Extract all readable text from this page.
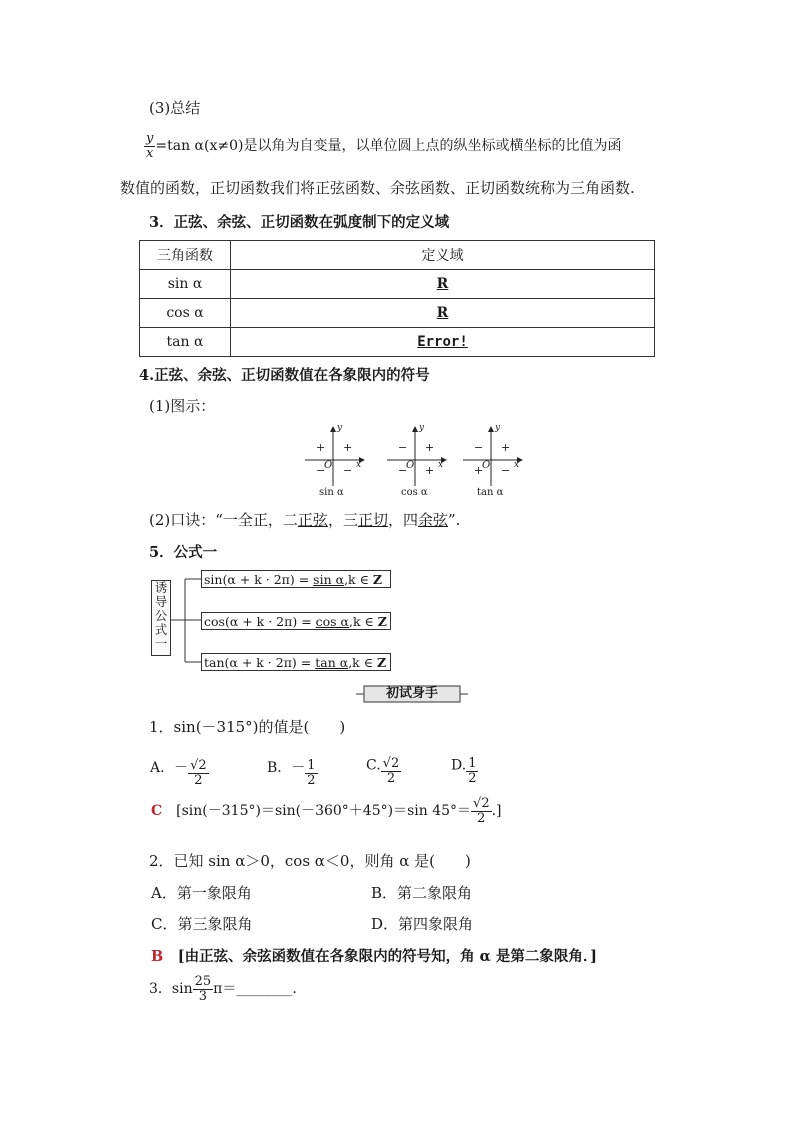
(3)总结
$\frac{y}{x} =\tan$ α(x≠0)是以角为自变量，以单位圆上点的纵坐标或横坐标的比值为函
数值的函数，正切函数我们将正弦函数、余弦函数、正切函数统称为三角函数.
3．正弦、余弦、正切函数在弧度制下的定义域
三角函数	定义域
sin α	R
cos α	R
tan α	Error!
4.正弦、余弦、正切函数值在各象限内的符号
(1)图示：
y
x
O
+ +
− −
sin α
y
x
O
− +
− +
cos α
y
x
O
− +
+ −
tan α
(2)口诀：“一全正，二正弦，三正切，四余弦”.
5．公式一
诱
导
公
式
一
sin(α + k · 2π) = sin α,k ∈ Z
cos(α + k · 2π) = cos α,k ∈ Z
tan(α + k · 2π) = tan α,k ∈ Z
初试身手
1．sin(－315°)的值是(　　)
A．－ $\frac{√2}{2}$	B．－ $\frac{1}{2}$	C. $\frac{√2}{2}$	D. $\frac{1}{2}$
C　 [sin(－315°)＝sin(－360°＋45°)＝sin $45^\circ= \frac{√2}{2}$ .]
2．已知 sin α＞0，cos α＜0，则角 α 是(　　)
A．第一象限角	B．第二象限角
C．第三象限角	D．第四象限角
B　 [由正弦、余弦函数值在各象限内的符号知，角 α 是第二象限角．]
3．$\sin \frac{25}{3}$ π＝________.
